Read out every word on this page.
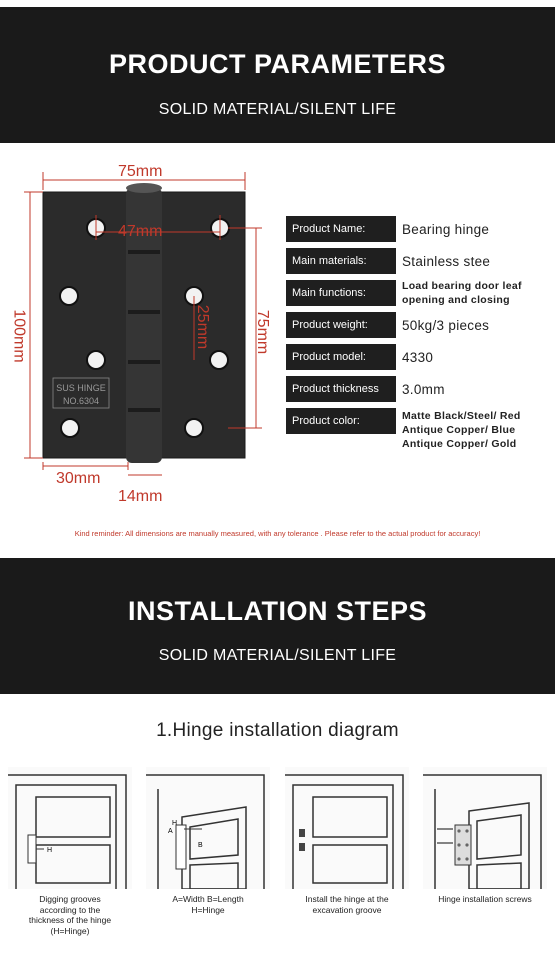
PRODUCT PARAMETERS
SOLID MATERIAL/SILENT LIFE
SUS HINGE
NO.6304
75mm
47mm
100mm	25mm	75mm
30mm
14mm
Product Name:	Bearing hinge
Main materials:	Stainless stee
Main functions:
Load bearing door leaf opening and closing
Product weight:	50kg/3 pieces
Product model:	4330
Product thickness	3.0mm
Product color:	Matte Black/Steel/ Red Antique Copper/ Blue Antique Copper/ Gold
Kind reminder: All dimensions are manually measured, with any tolerance . Please refer to the actual product for accuracy!
INSTALLATION STEPS
SOLID MATERIAL/SILENT LIFE
1.Hinge installation diagram
H
Digging grooves according to the thickness of the hinge (H=Hinge)
A
B
H
A=Width B=Length H=Hinge
Install the hinge at the excavation groove
Hinge installation screws
